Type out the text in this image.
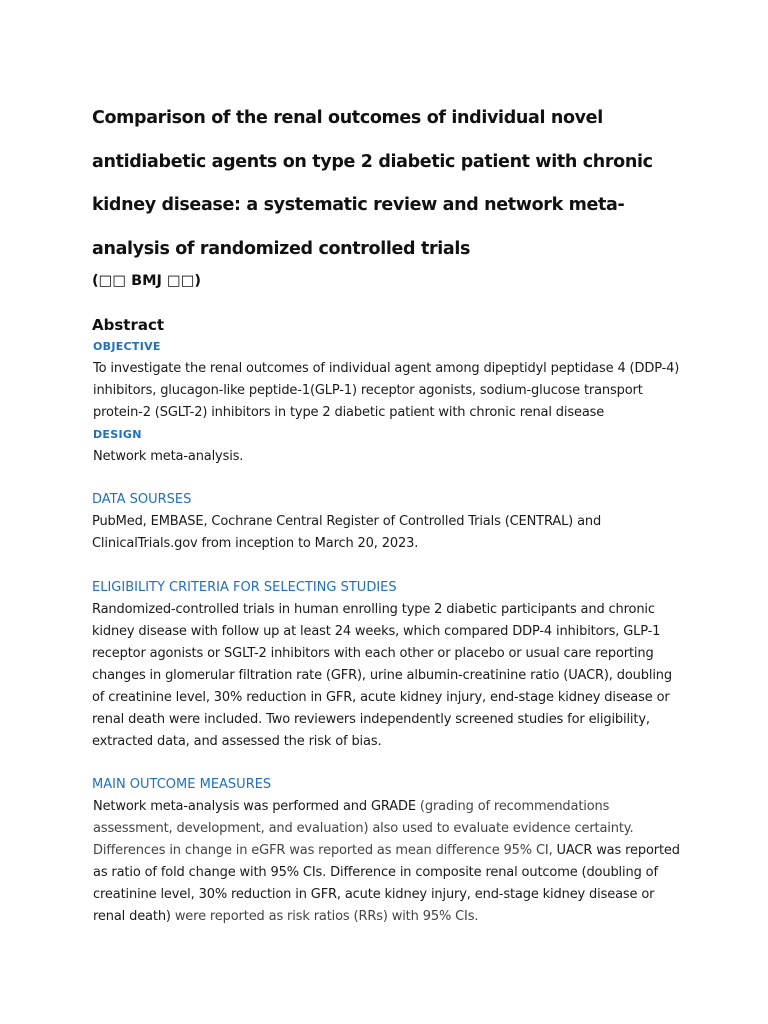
Comparison of the renal outcomes of individual novel antidiabetic agents on type 2 diabetic patient with chronic kidney disease: a systematic review and network meta-analysis of randomized controlled trials

(□□ BMJ □□)

Abstract

OBJECTIVE

To investigate the renal outcomes of individual agent among dipeptidyl peptidase 4 (DDP-4) inhibitors, glucagon-like peptide-1(GLP-1) receptor agonists, sodium-glucose transport protein-2 (SGLT-2) inhibitors in type 2 diabetic patient with chronic renal disease

DESIGN

Network meta-analysis.

DATA SOURSES

PubMed, EMBASE, Cochrane Central Register of Controlled Trials (CENTRAL) and ClinicalTrials.gov from inception to March 20, 2023.

ELIGIBILITY CRITERIA FOR SELECTING STUDIES

Randomized-controlled trials in human enrolling type 2 diabetic participants and chronic kidney disease with follow up at least 24 weeks, which compared DDP-4 inhibitors, GLP-1 receptor agonists or SGLT-2 inhibitors with each other or placebo or usual care reporting changes in glomerular filtration rate (GFR), urine albumin-creatinine ratio (UACR), doubling of creatinine level, 30% reduction in GFR, acute kidney injury, end-stage kidney disease or renal death were included. Two reviewers independently screened studies for eligibility, extracted data, and assessed the risk of bias.

MAIN OUTCOME MEASURES

Network meta-analysis was performed and GRADE (grading of recommendations assessment, development, and evaluation) also used to evaluate evidence certainty. Differences in change in eGFR was reported as mean difference 95% CI, UACR was reported as ratio of fold change with 95% CIs. Difference in composite renal outcome (doubling of creatinine level, 30% reduction in GFR, acute kidney injury, end-stage kidney disease or renal death) were reported as risk ratios (RRs) with 95% CIs.
